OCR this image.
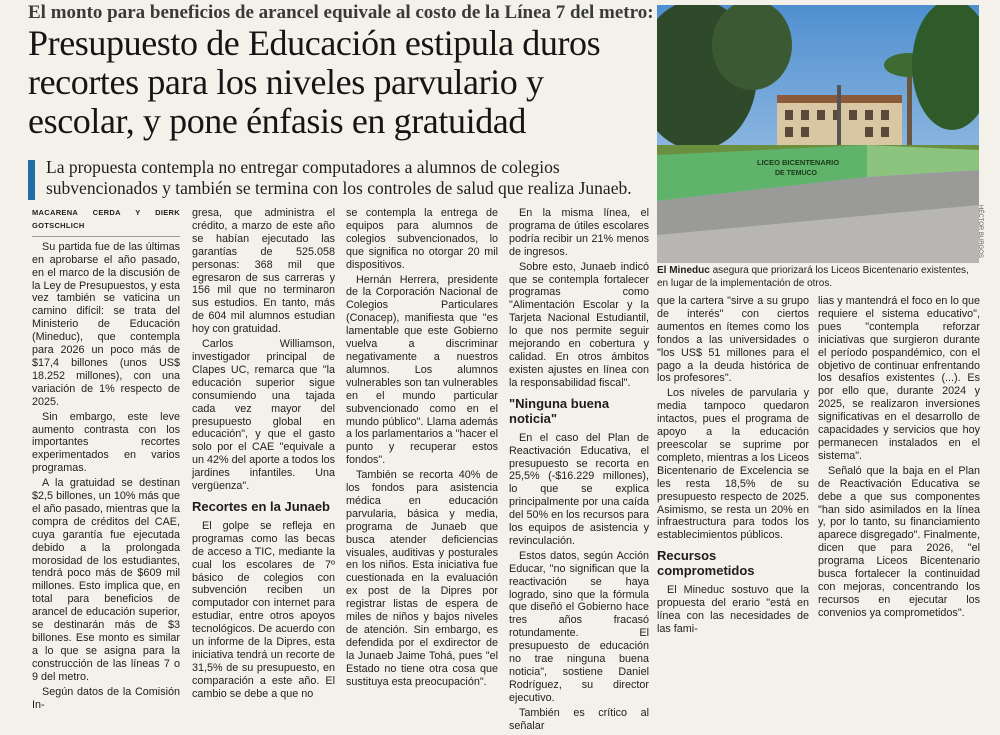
El monto para beneficios de arancel equivale al costo de la Línea 7 del metro:
Presupuesto de Educación estipula duros recortes para los niveles parvulario y escolar, y pone énfasis en gratuidad
La propuesta contempla no entregar computadores a alumnos de colegios subvencionados y también se termina con los controles de salud que realiza Junaeb.
LICEO BICENTENARIO
DE TEMUCO
HÉCTOR BURGOS
El Mineduc asegura que priorizará los Liceos Bicentenario existentes, en lugar de la implementación de otros.
MACARENA CERDA Y DIERK GOTSCHLICH

Su partida fue de las últimas en aprobarse el año pasado, en el marco de la discusión de la Ley de Presupuestos, y esta vez también se vaticina un camino difícil: se trata del Ministerio de Educación (Mineduc), que contempla para 2026 un poco más de $17,4 billones (unos US$ 18.252 millones), con una variación de 1% respecto de 2025.

Sin embargo, este leve aumento contrasta con los importantes recortes experimentados en varios programas.

A la gratuidad se destinan $2,5 billones, un 10% más que el año pasado, mientras que la compra de créditos del CAE, cuya garantía fue ejecutada debido a la prolongada morosidad de los estudiantes, tendrá poco más de $609 mil millones. Esto implica que, en total para beneficios de arancel de educación superior, se destinarán más de $3 billones. Ese monto es similar a lo que se asigna para la construcción de las líneas 7 o 9 del metro.

Según datos de la Comisión In-

gresa, que administra el crédito, a marzo de este año se habían ejecutado las garantías de 525.058 personas: 368 mil que egresaron de sus carreras y 156 mil que no terminaron sus estudios. En tanto, más de 604 mil alumnos estudian hoy con gratuidad.

Carlos Williamson, investigador principal de Clapes UC, remarca que "la educación superior sigue consumiendo una tajada cada vez mayor del presupuesto global en educación", y que el gasto solo por el CAE "equivale a un 42% del aporte a todos los jardines infantiles. Una vergüenza".

Recortes en la Junaeb

El golpe se refleja en programas como las becas de acceso a TIC, mediante la cual los escolares de 7º básico de colegios con subvención reciben un computador con internet para estudiar, entre otros apoyos tecnológicos. De acuerdo con un informe de la Dipres, esta iniciativa tendrá un recorte de 31,5% de su presupuesto, en comparación a este año. El cambio se debe a que no

se contempla la entrega de equipos para alumnos de colegios subvencionados, lo que significa no otorgar 20 mil dispositivos.

Hernán Herrera, presidente de la Corporación Nacional de Colegios Particulares (Conacep), manifiesta que "es lamentable que este Gobierno vuelva a discriminar negativamente a nuestros alumnos. Los alumnos vulnerables son tan vulnerables en el mundo particular subvencionado como en el mundo público". Llama además a los parlamentarios a "hacer el punto y recuperar estos fondos".

También se recorta 40% de los fondos para asistencia médica en educación parvularia, básica y media, programa de Junaeb que busca atender deficiencias visuales, auditivas y posturales en los niños. Esta iniciativa fue cuestionada en la evaluación ex post de la Dipres por registrar listas de espera de miles de niños y bajos niveles de atención. Sin embargo, es defendida por el exdirector de la Junaeb Jaime Tohá, pues "el Estado no tiene otra cosa que sustituya esta preocupación".

En la misma línea, el programa de útiles escolares podría recibir un 21% menos de ingresos.

Sobre esto, Junaeb indicó que se contempla fortalecer programas como "Alimentación Escolar y la Tarjeta Nacional Estudiantil, lo que nos permite seguir mejorando en cobertura y calidad. En otros ámbitos existen ajustes en línea con la responsabilidad fiscal".

"Ninguna buena noticia"

En el caso del Plan de Reactivación Educativa, el presupuesto se recorta en 25,5% (-$16.229 millones), lo que se explica principalmente por una caída del 50% en los recursos para los equipos de asistencia y revinculación.

Estos datos, según Acción Educar, "no significan que la reactivación se haya logrado, sino que la fórmula que diseñó el Gobierno hace tres años fracasó rotundamente. El presupuesto de educación no trae ninguna buena noticia", sostiene Daniel Rodríguez, su director ejecutivo.

También es crítico al señalar

que la cartera "sirve a su grupo de interés" con ciertos aumentos en ítemes como los fondos a las universidades o "los US$ 51 millones para el pago a la deuda histórica de los profesores".

Los niveles de parvularia y media tampoco quedaron intactos, pues el programa de apoyo a la educación preescolar se suprime por completo, mientras a los Liceos Bicentenario de Excelencia se les resta 18,5% de su presupuesto respecto de 2025. Asimismo, se resta un 20% en infraestructura para todos los establecimientos públicos.

Recursos comprometidos

El Mineduc sostuvo que la propuesta del erario "está en línea con las necesidades de las fami-

lias y mantendrá el foco en lo que requiere el sistema educativo", pues "contempla reforzar iniciativas que surgieron durante el período pospandémico, con el objetivo de continuar enfrentando los desafíos existentes (...). Es por ello que, durante 2024 y 2025, se realizaron inversiones significativas en el desarrollo de capacidades y servicios que hoy permanecen instalados en el sistema".

Señaló que la baja en el Plan de Reactivación Educativa se debe a que sus componentes "han sido asimilados en la línea y, por lo tanto, su financiamiento aparece disgregado". Finalmente, dicen que para 2026, "el programa Liceos Bicentenario busca fortalecer la continuidad con mejoras, concentrando los recursos en ejecutar los convenios ya comprometidos".
